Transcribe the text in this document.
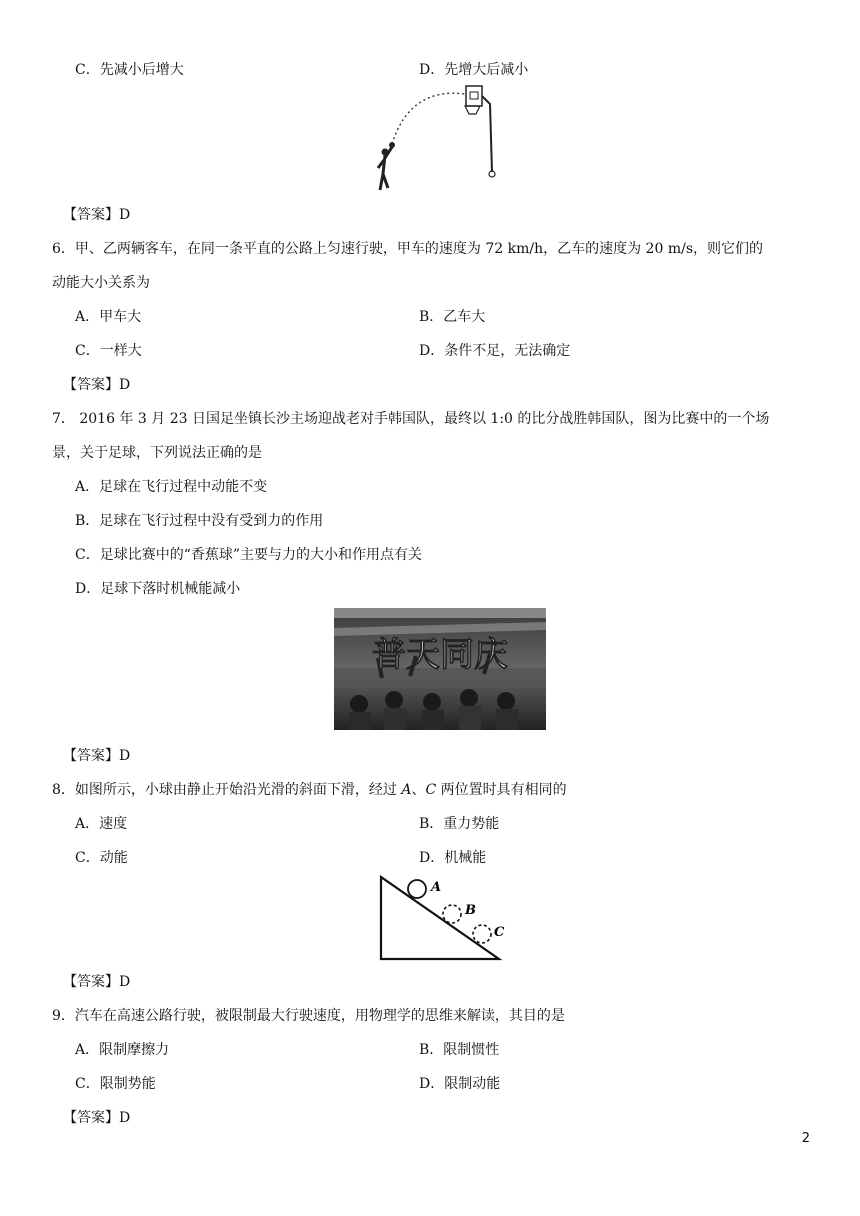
C．先减小后增大	D．先增大后减小
【答案】D
6．甲、乙两辆客车，在同一条平直的公路上匀速行驶，甲车的速度为 72 km/h，乙车的速度为 20 m/s，则它们的
动能大小关系为
A．甲车大	B．乙车大
C．一样大	D．条件不足，无法确定
【答案】D
7． 2016 年 3 月 23 日国足坐镇长沙主场迎战老对手韩国队，最终以 1:0 的比分战胜韩国队，图为比赛中的一个场
景，关于足球，下列说法正确的是
A．足球在飞行过程中动能不变
B．足球在飞行过程中没有受到力的作用
C．足球比赛中的“香蕉球”主要与力的大小和作用点有关
D．足球下落时机械能减小
普天同庆
【答案】D
8．如图所示，小球由静止开始沿光滑的斜面下滑，经过 A、C 两位置时具有相同的
A．速度	B．重力势能
C．动能	D．机械能
A
B
C
【答案】D
9．汽车在高速公路行驶，被限制最大行驶速度，用物理学的思维来解读，其目的是
A．限制摩擦力	B．限制惯性
C．限制势能	D．限制动能
【答案】D
2
